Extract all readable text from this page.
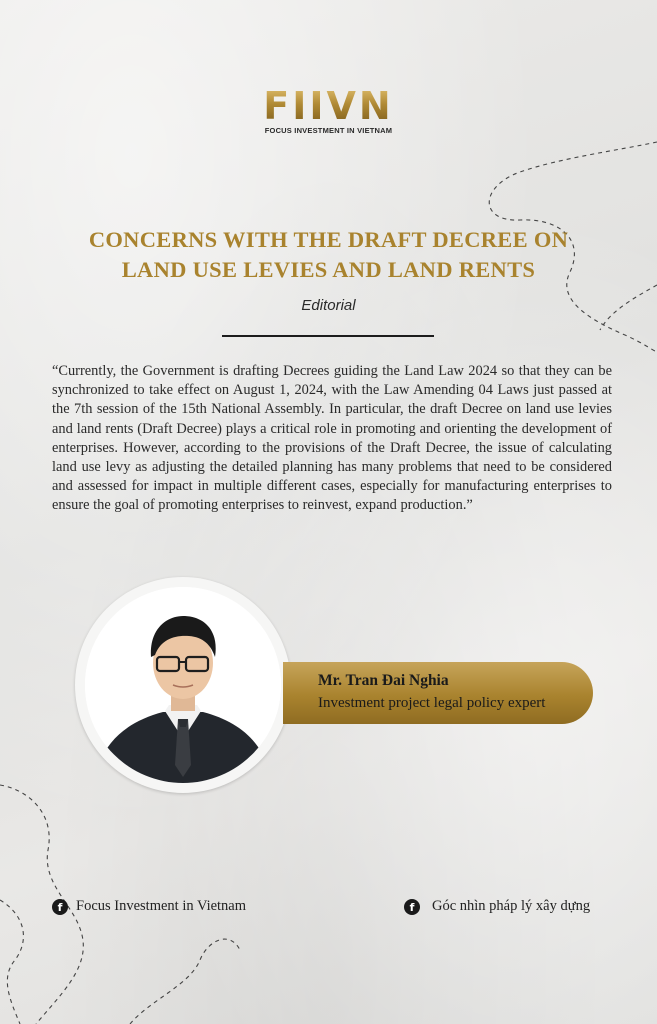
FIIVN
FOCUS INVESTMENT IN VIETNAM
CONCERNS WITH THE DRAFT DECREE ON
LAND USE LEVIES AND LAND RENTS
Editorial
“Currently, the Government is drafting Decrees guiding the Land Law 2024 so that they can be synchronized to take effect on August 1, 2024, with the Law Amending 04 Laws just passed at the 7th session of the 15th National Assembly. In particular, the draft Decree on land use levies and land rents (Draft Decree) plays a critical role in promoting and orienting the development of enterprises. However, according to the provisions of the Draft Decree, the issue of calculating land use levy as adjusting the detailed planning has many problems that need to be considered and assessed for impact in multiple different cases, especially for manufacturing enterprises to ensure the goal of promoting enterprises to reinvest, expand production.”
Mr. Tran Đai Nghia
Investment project legal policy expert
f Focus Investment in Vietnam	f	Góc nhìn pháp lý xây dựng
